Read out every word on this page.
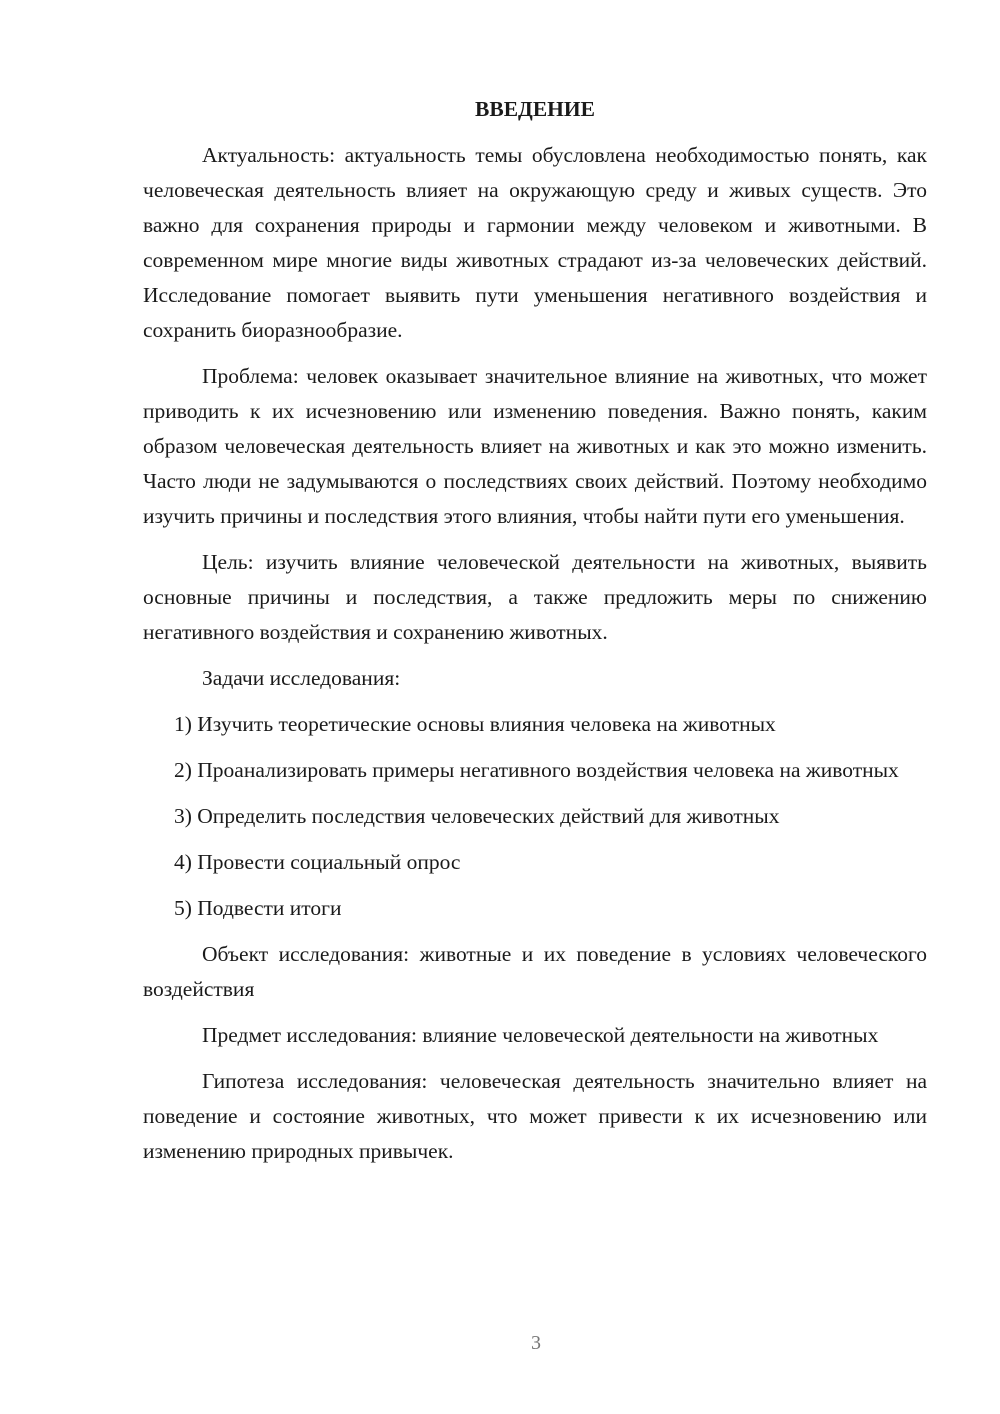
ВВЕДЕНИЕ

Актуальность: актуальность темы обусловлена необходимостью понять, как человеческая деятельность влияет на окружающую среду и живых существ. Это важно для сохранения природы и гармонии между человеком и животными. В современном мире многие виды животных страдают из-за человеческих действий. Исследование помогает выявить пути уменьшения негативного воздействия и сохранить биоразнообразие.

Проблема: человек оказывает значительное влияние на животных, что может приводить к их исчезновению или изменению поведения. Важно понять, каким образом человеческая деятельность влияет на животных и как это можно изменить. Часто люди не задумываются о последствиях своих действий. Поэтому необходимо изучить причины и последствия этого влияния, чтобы найти пути его уменьшения.

Цель: изучить влияние человеческой деятельности на животных, выявить основные причины и последствия, а также предложить меры по снижению негативного воздействия и сохранению животных.

Задачи исследования:

1) Изучить теоретические основы влияния человека на животных

2) Проанализировать примеры негативного воздействия человека на животных

3) Определить последствия человеческих действий для животных

4) Провести социальный опрос

5) Подвести итоги

Объект исследования: животные и их поведение в условиях человеческого воздействия

Предмет исследования: влияние человеческой деятельности на животных

Гипотеза исследования: человеческая деятельность значительно влияет на поведение и состояние животных, что может привести к их исчезновению или изменению природных привычек.

3
